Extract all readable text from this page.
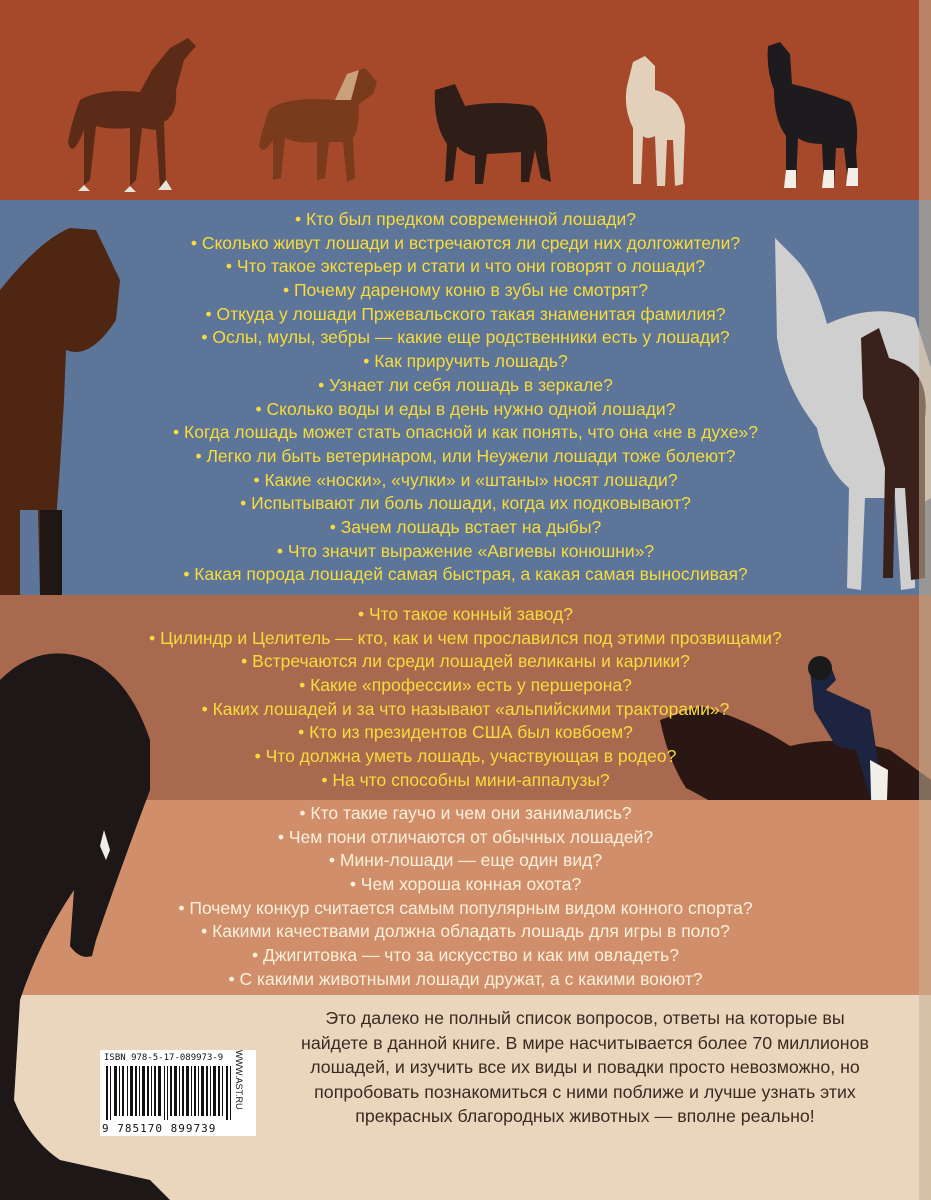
• Кто был предком современной лошади?
• Сколько живут лошади и встречаются ли среди них долгожители?
• Что такое экстерьер и стати и что они говорят о лошади?
• Почему дареному коню в зубы не смотрят?
• Откуда у лошади Пржевальского такая знаменитая фамилия?
• Ослы, мулы, зебры — какие еще родственники есть у лошади?
• Как приручить лошадь?
• Узнает ли себя лошадь в зеркале?
• Сколько воды и еды в день нужно одной лошади?
• Когда лошадь может стать опасной и как понять, что она «не в духе»?
• Легко ли быть ветеринаром, или Неужели лошади тоже болеют?
• Какие «носки», «чулки» и «штаны» носят лошади?
• Испытывают ли боль лошади, когда их подковывают?
• Зачем лошадь встает на дыбы?
• Что значит выражение «Авгиевы конюшни»?
• Какая порода лошадей самая быстрая, а какая самая выносливая?
• Что такое конный завод?
• Цилиндр и Целитель — кто, как и чем прославился под этими прозвищами?
• Встречаются ли среди лошадей великаны и карлики?
• Какие «профессии» есть у першерона?
• Каких лошадей и за что называют «альпийскими тракторами»?
• Кто из президентов США был ковбоем?
• Что должна уметь лошадь, участвующая в родео?
• На что способны мини-аппалузы?
• Кто такие гаучо и чем они занимались?
• Чем пони отличаются от обычных лошадей?
• Мини-лошади — еще один вид?
• Чем хороша конная охота?
• Почему конкур считается самым популярным видом конного спорта?
• Какими качествами должна обладать лошадь для игры в поло?
• Джигитовка — что за искусство и как им овладеть?
• С какими животными лошади дружат, а с какими воюют?

Это далеко не полный список вопросов, ответы на которые вы найдете в данной книге. В мире насчитывается более 70 миллионов лошадей, и изучить все их виды и повадки просто невозможно, но попробовать познакомиться с ними поближе и лучше узнать этих прекрасных благородных животных — вполне реально!

ISBN 978-5-17-089973-9
9 785170 899739
WWW.AST.RU
